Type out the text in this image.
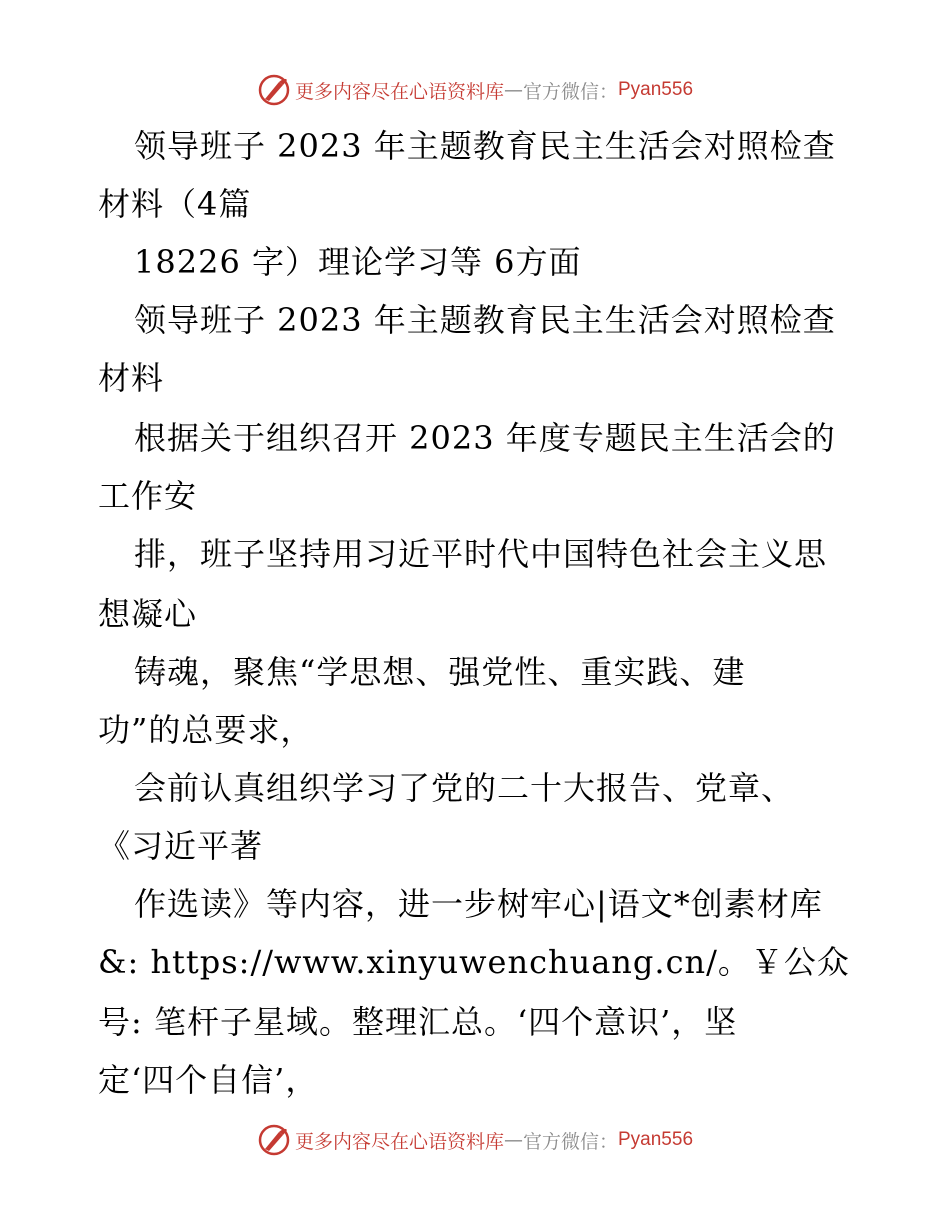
更多内容尽在心语资料库 — 官方微信： Pyan556
领导班子 2023 年主题教育民主生活会对照检查
材料（4篇
18226 字）理论学习等 6方面
领导班子 2023 年主题教育民主生活会对照检查
材料
根据关于组织召开 2023 年度专题民主生活会的
工作安
排，班子坚持用习近平时代中国特色社会主义思
想凝心
铸魂，聚焦“学思想、强党性、重实践、建
功”的总要求，
会前认真组织学习了党的二十大报告、党章、
《习近平著
作选读》等内容，进一步树牢心|语文*创素材库
&: https://www.xinyuwenchuang.cn/。￥公众
号: 笔杆子星域。整理汇总。‘四个意识’，坚
定‘四个自信’，
更多内容尽在心语资料库 — 官方微信： Pyan556
